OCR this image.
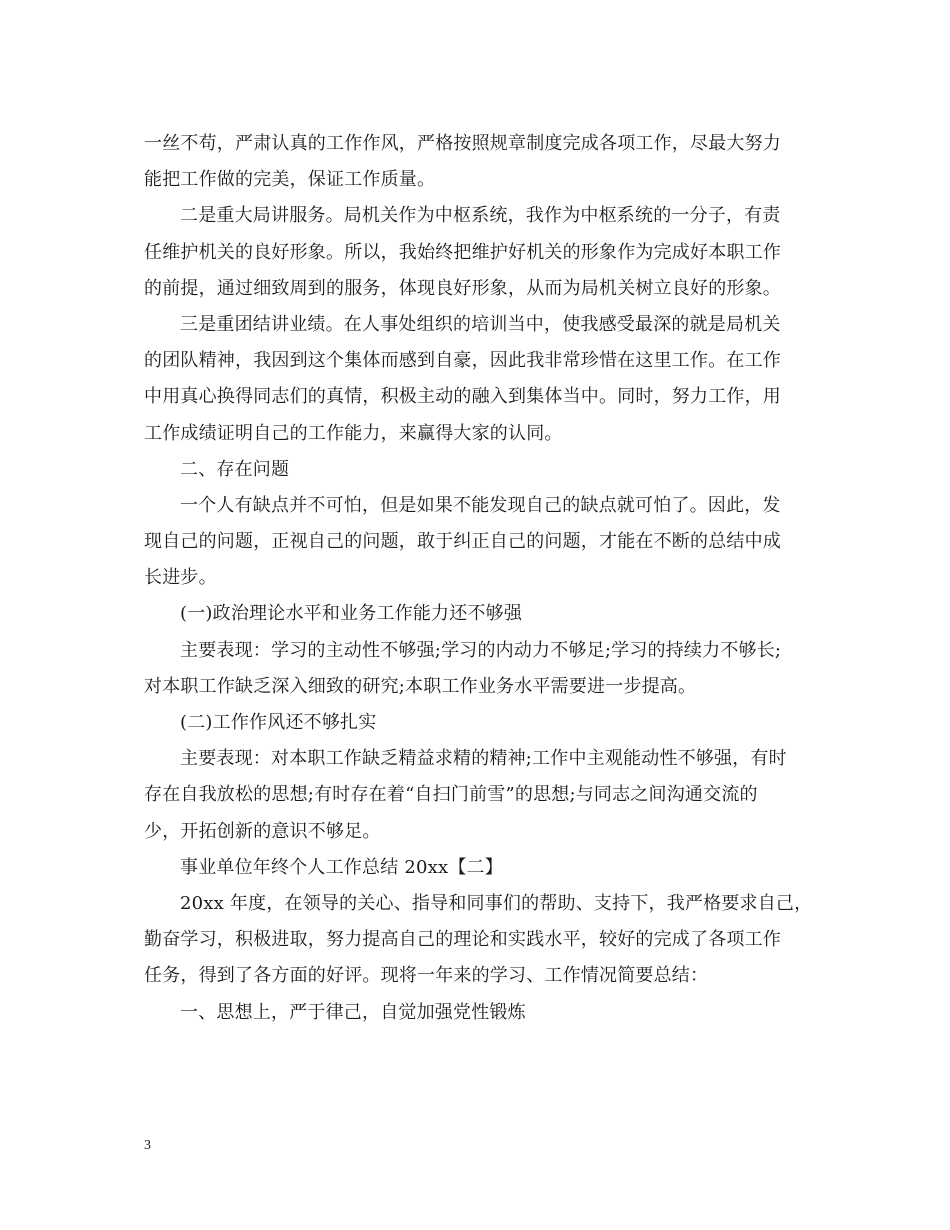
一丝不苟，严肃认真的工作作风，严格按照规章制度完成各项工作，尽最大努力
能把工作做的完美，保证工作质量。
二是重大局讲服务。局机关作为中枢系统，我作为中枢系统的一分子，有责
任维护机关的良好形象。所以，我始终把维护好机关的形象作为完成好本职工作
的前提，通过细致周到的服务，体现良好形象，从而为局机关树立良好的形象。
三是重团结讲业绩。在人事处组织的培训当中，使我感受最深的就是局机关
的团队精神，我因到这个集体而感到自豪，因此我非常珍惜在这里工作。在工作
中用真心换得同志们的真情，积极主动的融入到集体当中。同时，努力工作，用
工作成绩证明自己的工作能力，来赢得大家的认同。
二、存在问题
一个人有缺点并不可怕，但是如果不能发现自己的缺点就可怕了。因此，发
现自己的问题，正视自己的问题，敢于纠正自己的问题，才能在不断的总结中成
长进步。
(一)政治理论水平和业务工作能力还不够强
主要表现：学习的主动性不够强;学习的内动力不够足;学习的持续力不够长;
对本职工作缺乏深入细致的研究;本职工作业务水平需要进一步提高。
(二)工作作风还不够扎实
主要表现：对本职工作缺乏精益求精的精神;工作中主观能动性不够强，有时
存在自我放松的思想;有时存在着“自扫门前雪”的思想;与同志之间沟通交流的
少，开拓创新的意识不够足。
事业单位年终个人工作总结 20xx【二】
20xx 年度，在领导的关心、指导和同事们的帮助、支持下，我严格要求自己，
勤奋学习，积极进取，努力提高自己的理论和实践水平，较好的完成了各项工作
任务，得到了各方面的好评。现将一年来的学习、工作情况简要总结：
一、思想上，严于律己，自觉加强党性锻炼
3
